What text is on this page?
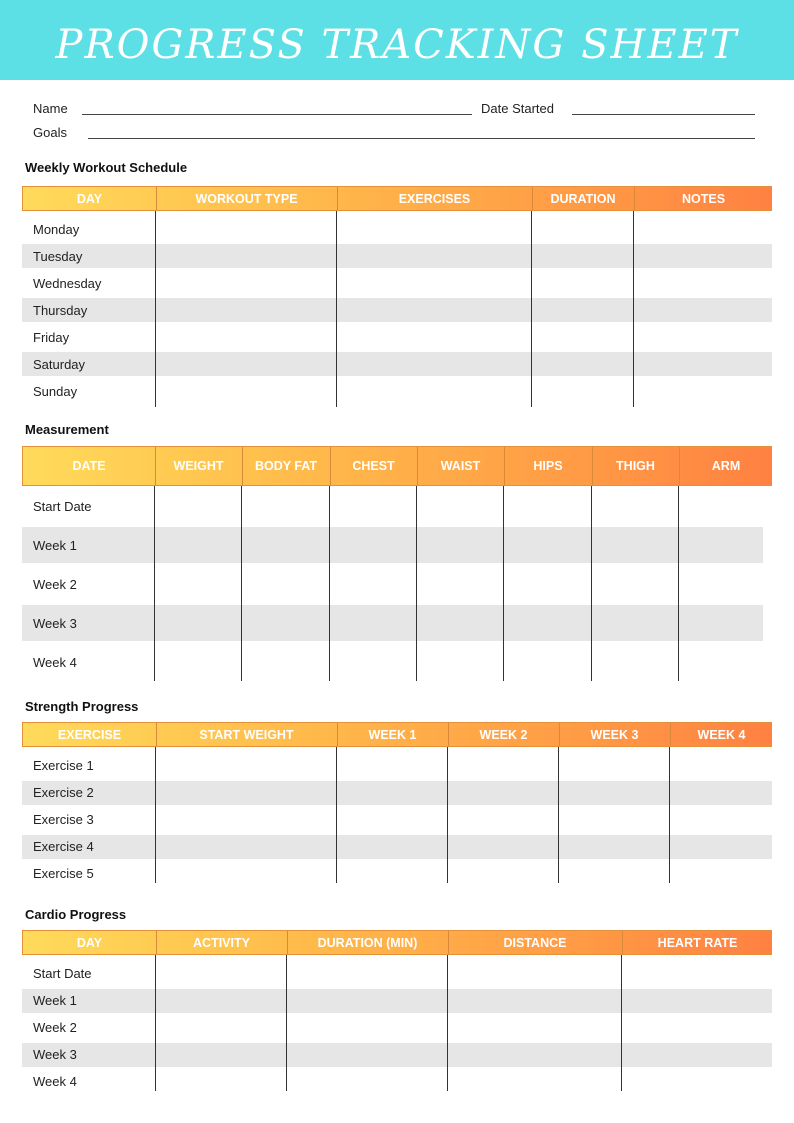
PROGRESS TRACKING SHEET
Name	Date Started
Goals
Weekly Workout Schedule
Measurement
Strength Progress
Cardio Progress
DAY	WORKOUT TYPE	EXERCISES	DURATION	NOTES
Monday
Tuesday
Wednesday
Thursday
Friday
Saturday
Sunday
DATE	WEIGHT	BODY FAT	CHEST	WAIST	HIPS	THIGH	ARM
Start Date
Week 1
Week 2
Week 3
Week 4
EXERCISE	START WEIGHT	WEEK 1	WEEK 2	WEEK 3	WEEK 4
Exercise 1
Exercise 2
Exercise 3
Exercise 4
Exercise 5
DAY	ACTIVITY	DURATION (MIN)	DISTANCE	HEART RATE
Start Date
Week 1
Week 2
Week 3
Week 4
